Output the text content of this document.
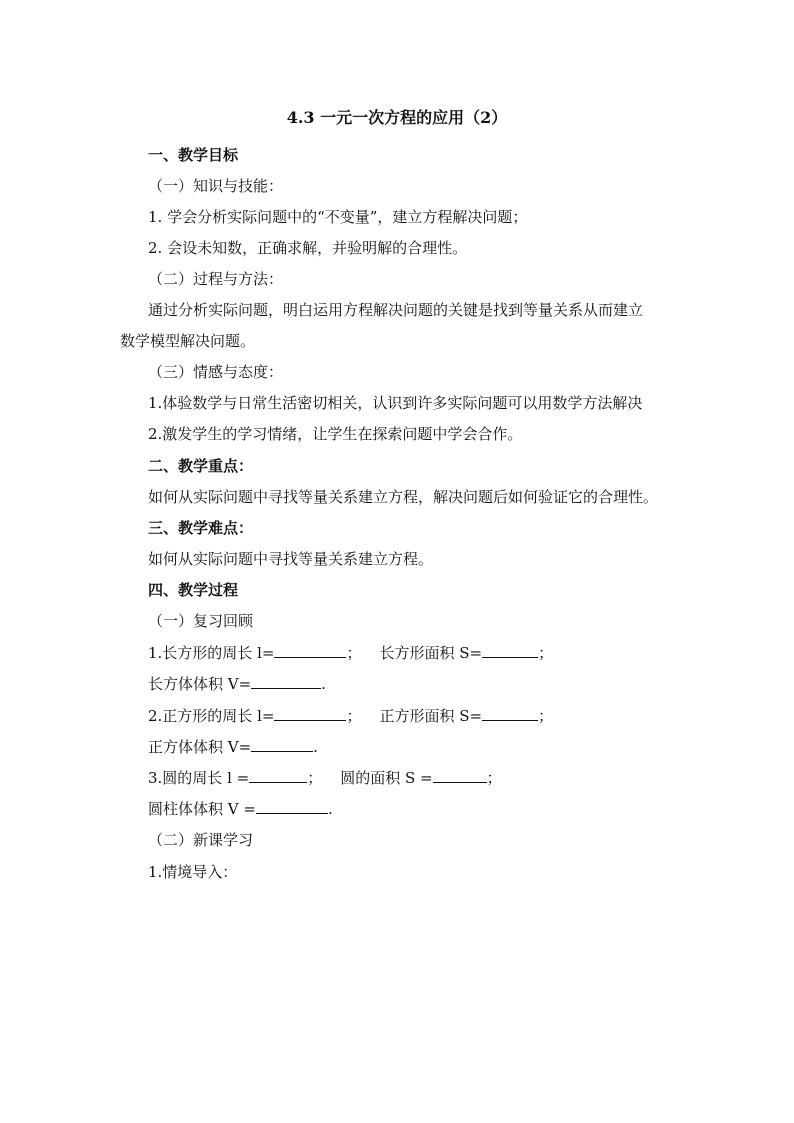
4.3 一元一次方程的应用（2）
一、教学目标
（一）知识与技能：
1. 学会分析实际问题中的“不变量”，建立方程解决问题；
2. 会设未知数，正确求解，并验明解的合理性。
（二）过程与方法：
通过分析实际问题，明白运用方程解决问题的关键是找到等量关系从而建立
数学模型解决问题。
（三）情感与态度：
1.体验数学与日常生活密切相关，认识到许多实际问题可以用数学方法解决
2.激发学生的学习情绪，让学生在探索问题中学会合作。
二、教学重点：
如何从实际问题中寻找等量关系建立方程，解决问题后如何验证它的合理性。
三、教学难点：
如何从实际问题中寻找等量关系建立方程。
四、教学过程
（一）复习回顾
1.长方形的周长 l=	； 长方形面积 S=	；
长方体体积 V=	.
2.正方形的周长 l=	； 正方形面积 S=	；
正方体体积 V=	.
3.圆的周长 l =	； 圆的面积 S =	；
圆柱体体积 V =	.
（二）新课学习
1.情境导入：
